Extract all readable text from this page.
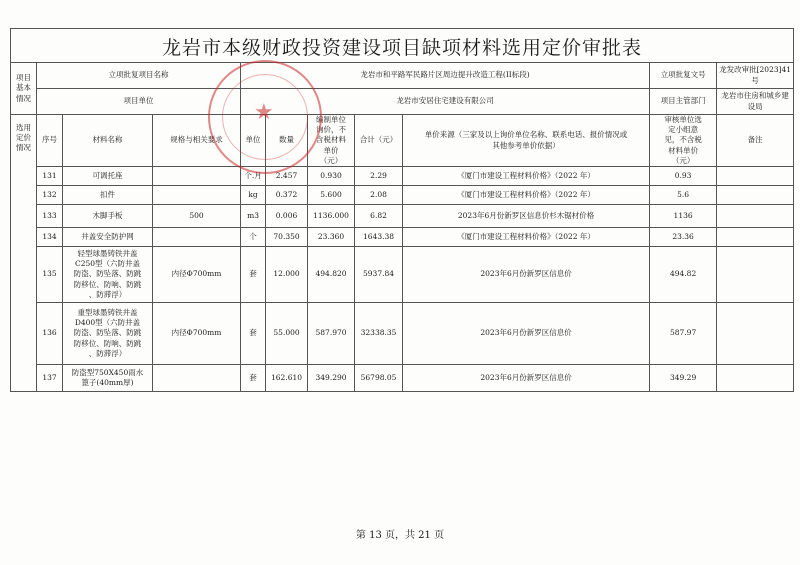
龙岩市本级财政投资建设项目缺项材料选用定价审批表
项目
基本
情况	立项批复项目名称			龙岩市和平路军民路片区周边提升改造工程(II标段)					立项批复文号	龙发改审批[2023]41号
	项目单位			龙岩市安居住宅建设有限公司					项目主管部门	龙岩市住房和城乡建设局
选用
定价
情况	序号	材料名称	规格与相关要求	单位	数量	编制单位
询价，不
含税材料
单价
（元）	合计（元）	单价来源（三家及以上询价单位名称、联系电话、报价情况或
其他参考单价依据）	审核单位选
定小组意
见，不含税
材料单价
（元）	备注
	131	可调托座		个.月	2.457	0.930	2.29	《厦门市建设工程材料价格》（2022 年）	0.93	
	132	扣件		kg	0.372	5.600	2.08	《厦门市建设工程材料价格》（2022 年）	5.6	
	133	木脚手板	500	m3	0.006	1136.000	6.82	2023年6月份新罗区信息价杉木锯材价格	1136	
	134	井盖安全防护网		个	70.350	23.360	1643.38	《厦门市建设工程材料价格》（2022 年）	23.36	
	135	轻型球墨铸铁井盖
C250型（六防井盖
防盗、防坠落、防跳
防移位、防响、防跳
、防滞浮）	内径Φ700mm	套	12.000	494.820	5937.84	2023年6月份新罗区信息价	494.82	
	136	重型球墨铸铁井盖
D400型（六防井盖
防盗、防坠落、防跳
防移位、防响、防跳
、防滞浮）	内径Φ700mm	套	55.000	587.970	32338.35	2023年6月份新罗区信息价	587.97	
	137	防盗型750X450雨水
篦子(40mm厚)		套	162.610	349.290	56798.05	2023年6月份新罗区信息价	349.29	
★
第 13 页，共 21 页
